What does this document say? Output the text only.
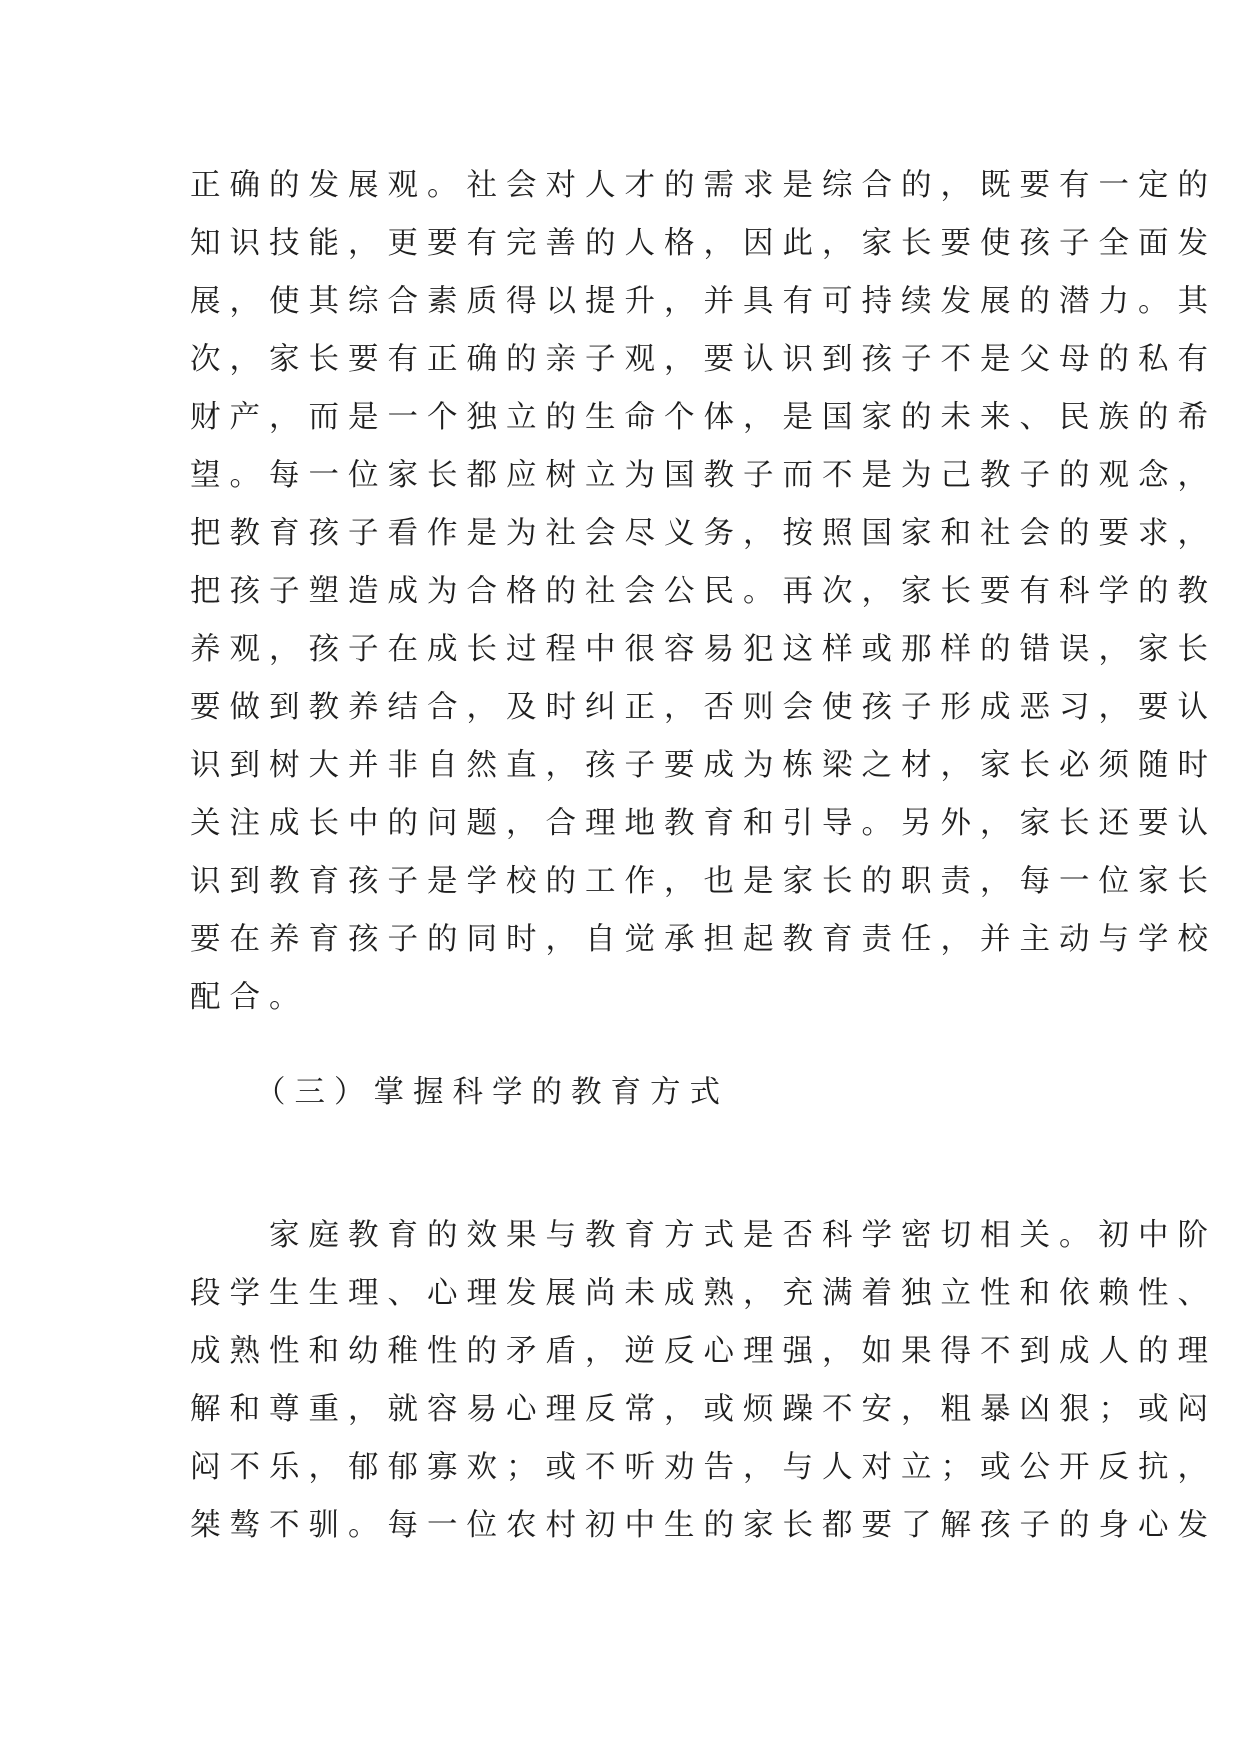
正确的发展观。社会对人才的需求是综合的，既要有一定的
知识技能，更要有完善的人格，因此，家长要使孩子全面发
展，使其综合素质得以提升，并具有可持续发展的潜力。其
次，家长要有正确的亲子观，要认识到孩子不是父母的私有
财产，而是一个独立的生命个体，是国家的未来、民族的希
望。每一位家长都应树立为国教子而不是为己教子的观念，
把教育孩子看作是为社会尽义务，按照国家和社会的要求，
把孩子塑造成为合格的社会公民。再次，家长要有科学的教
养观，孩子在成长过程中很容易犯这样或那样的错误，家长
要做到教养结合，及时纠正，否则会使孩子形成恶习，要认
识到树大并非自然直，孩子要成为栋梁之材，家长必须随时
关注成长中的问题，合理地教育和引导。另外，家长还要认
识到教育孩子是学校的工作，也是家长的职责，每一位家长
要在养育孩子的同时，自觉承担起教育责任，并主动与学校
配合。
（三）掌握科学的教育方式
　　家庭教育的效果与教育方式是否科学密切相关。初中阶
段学生生理、心理发展尚未成熟，充满着独立性和依赖性、
成熟性和幼稚性的矛盾，逆反心理强，如果得不到成人的理
解和尊重，就容易心理反常，或烦躁不安，粗暴凶狠；或闷
闷不乐，郁郁寡欢；或不听劝告，与人对立；或公开反抗，
桀骜不驯。每一位农村初中生的家长都要了解孩子的身心发
